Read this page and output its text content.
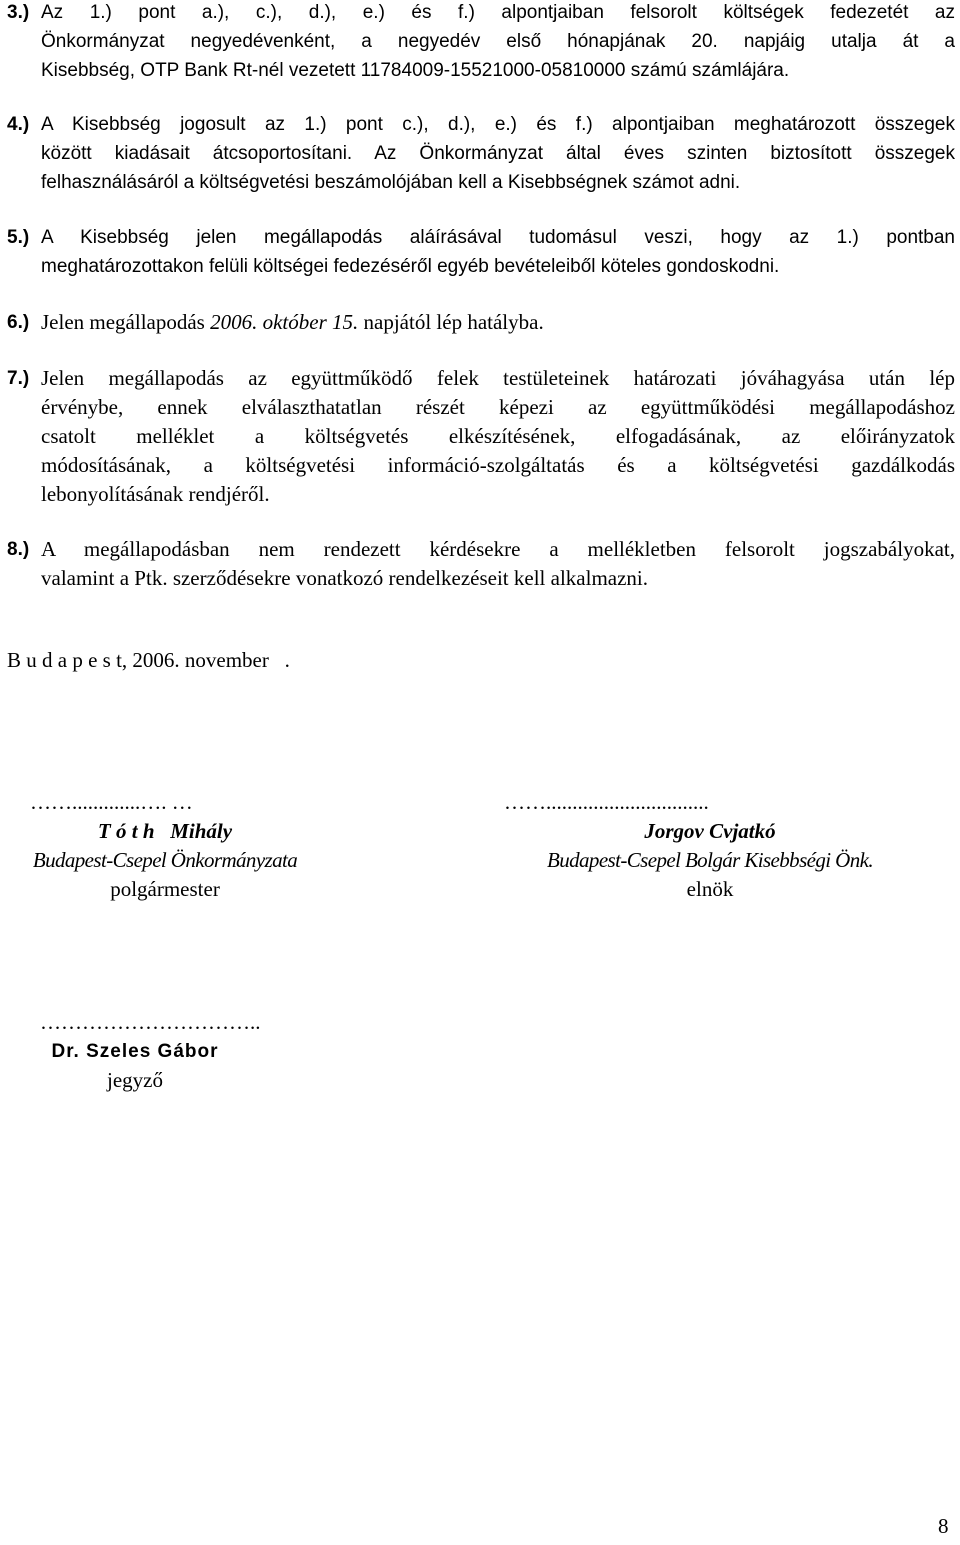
3.) Az 1.) pont a.), c.), d.), e.) és f.) alpontjaiban felsorolt költségek fedezetét az
Önkormányzat negyedévenként, a negyedév első hónapjának 20. napjáig utalja át a
Kisebbség, OTP Bank Rt-nél vezetett 11784009-15521000-05810000 számú számlájára.
4.) A Kisebbség jogosult az 1.) pont c.), d.), e.) és f.) alpontjaiban meghatározott összegek
között kiadásait átcsoportosítani. Az Önkormányzat által éves szinten biztosított összegek
felhasználásáról a költségvetési beszámolójában kell a Kisebbségnek számot adni.
5.) A Kisebbség jelen megállapodás aláírásával tudomásul veszi, hogy az 1.) pontban
meghatározottakon felüli költségei fedezéséről egyéb bevételeiből köteles gondoskodni.
6.) Jelen megállapodás 2006. október 15. napjától lép hatályba.
7.) Jelen megállapodás az együttműködő felek testületeinek határozati jóváhagyása után lép
érvénybe, ennek elválaszthatatlan részét képezi az együttműködési megállapodáshoz
csatolt melléklet a költségvetés elkészítésének, elfogadásának, az előirányzatok
módosításának, a költségvetési információ-szolgáltatás és a költségvetési gazdálkodás
lebonyolításának rendjéről.
8.) A megállapodásban nem rendezett kérdésekre a mellékletben felsorolt jogszabályokat,
valamint a Ptk. szerződésekre vonatkozó rendelkezéseit kell alkalmazni.
B u d a p e s t, 2006. november   .
…….............…. …
T ó t h   Mihály
Budapest-Csepel Önkormányzata
polgármester
……...............................
Jorgov Cvjatkó
Budapest-Csepel Bolgár Kisebbségi Önk.
elnök
…………………………..
Dr. Szeles Gábor
jegyző
8
